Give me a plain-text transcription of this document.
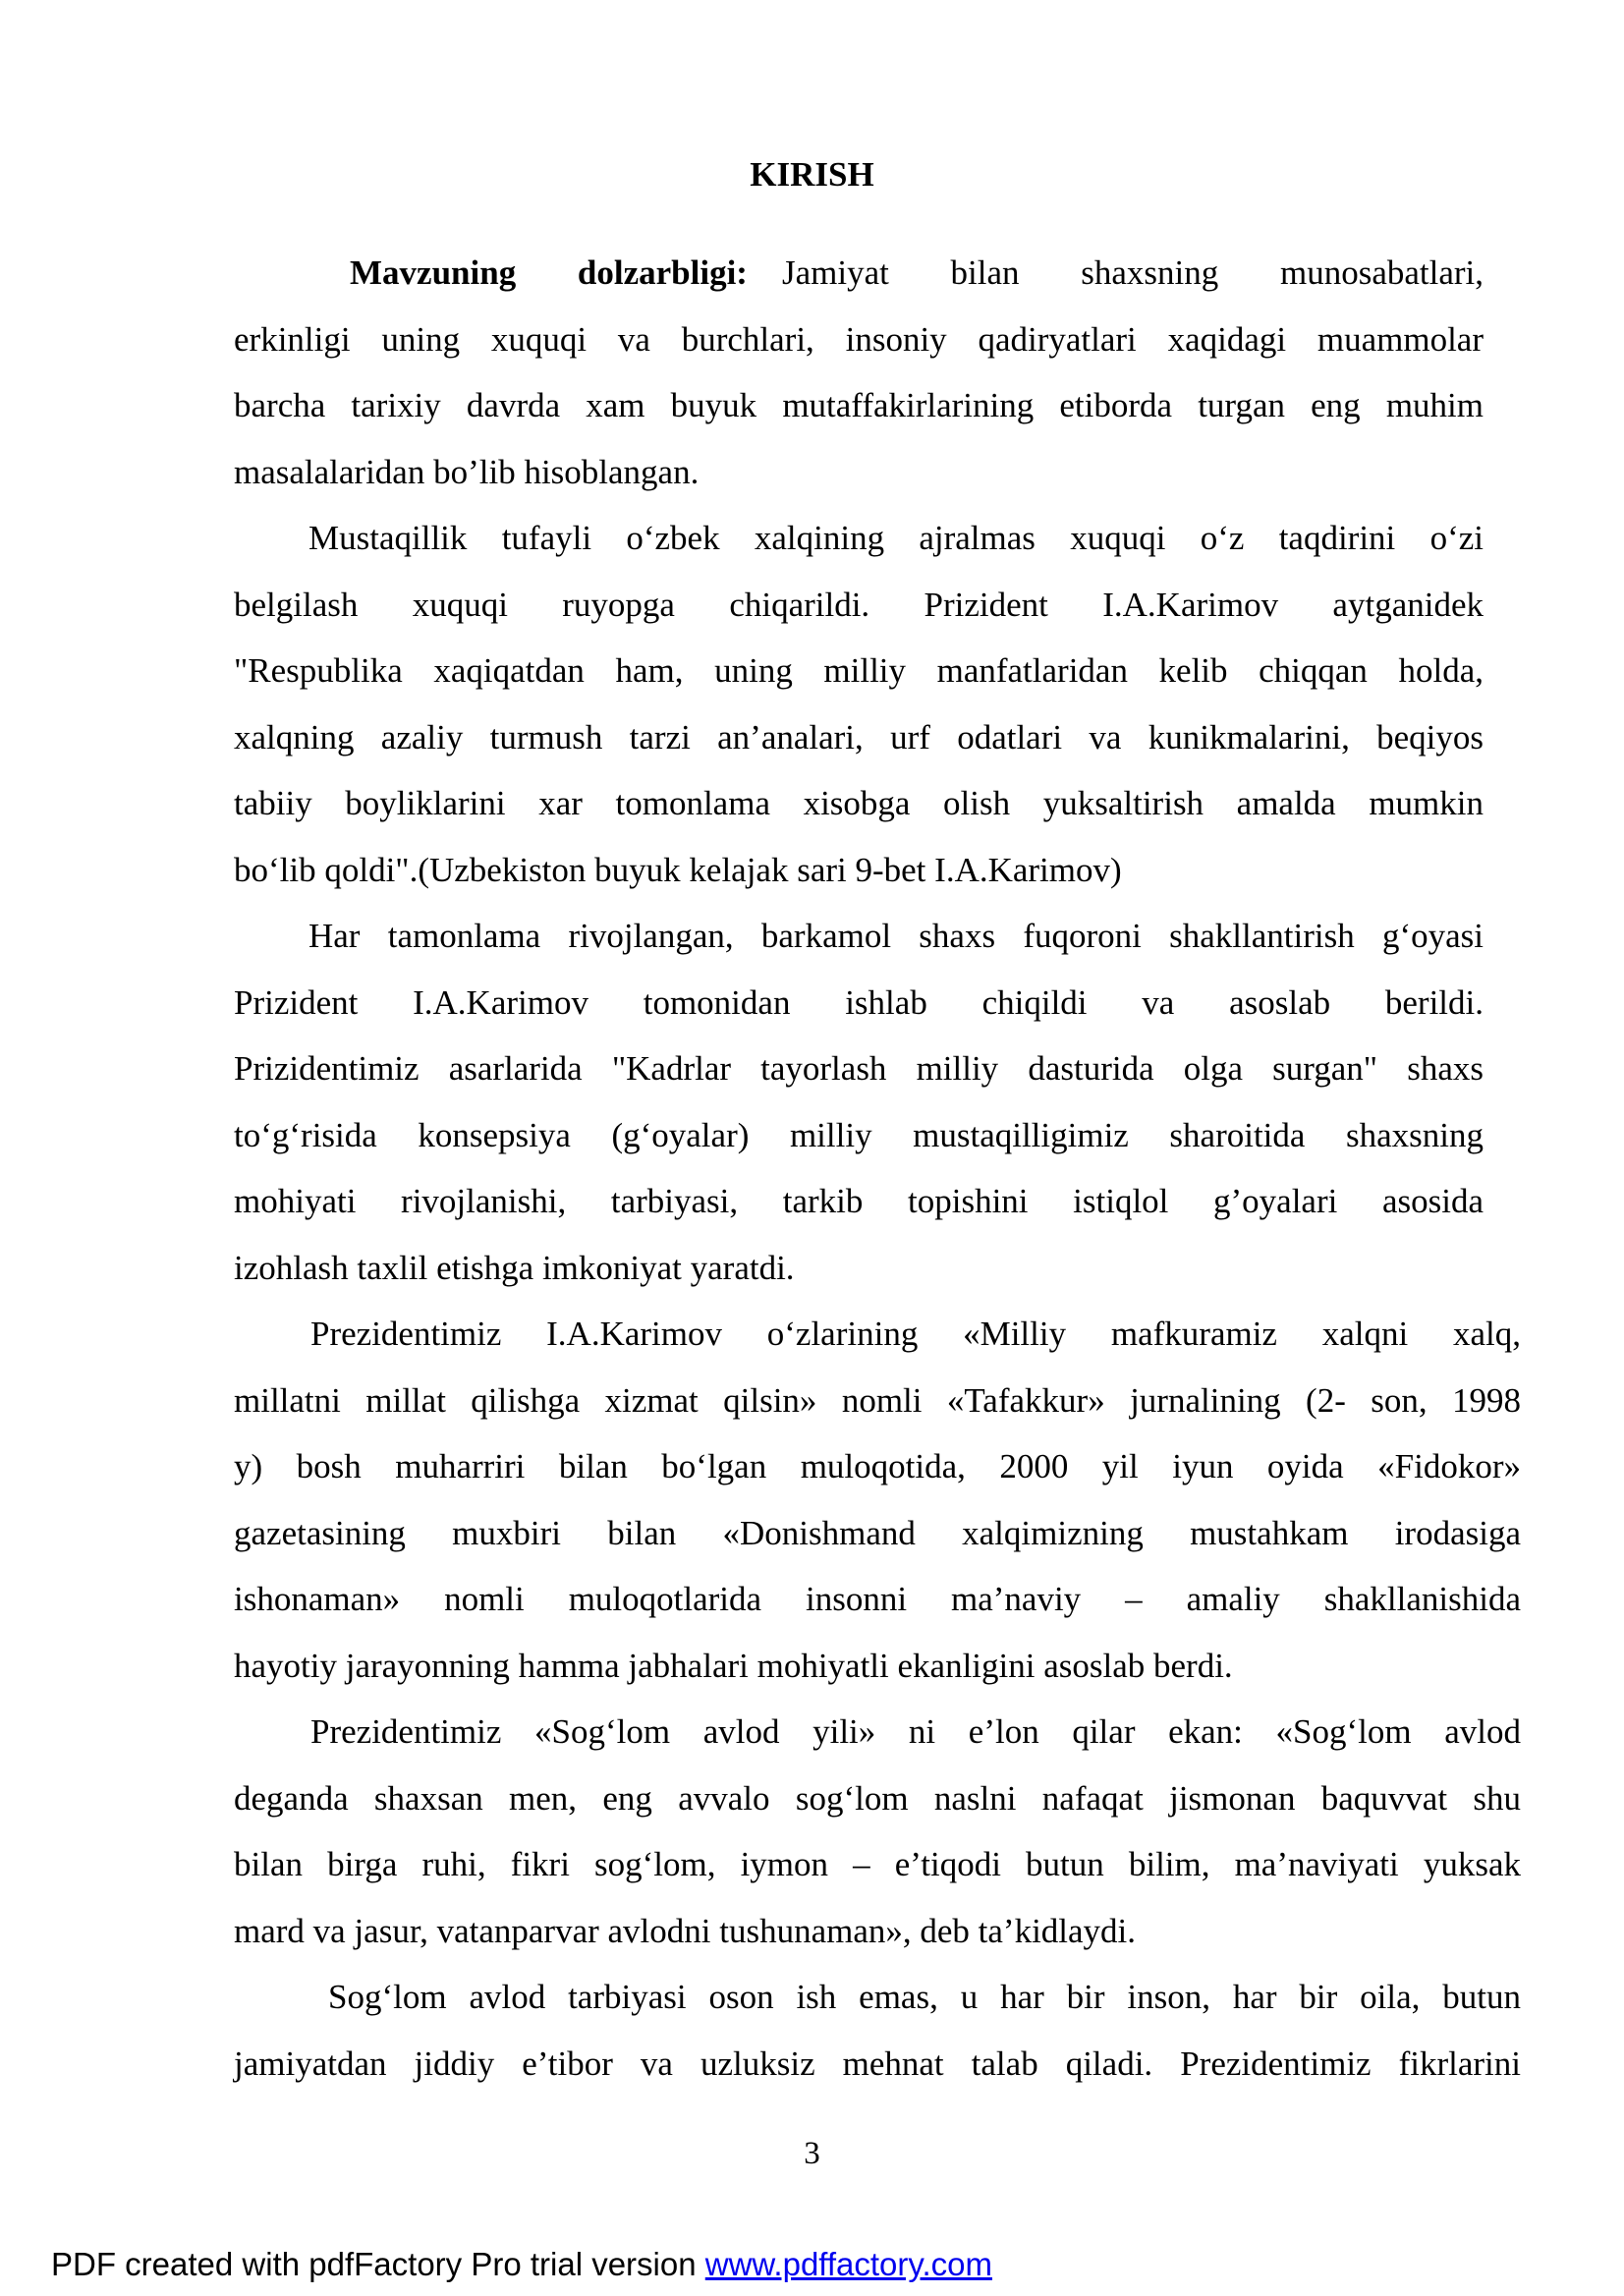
KIRISH
Mavzuning dolzarbligi:  Jamiyat bilan shaxsning munosabatlari,
erkinligi uning xuquqi va burchlari, insoniy qadiryatlari xaqidagi muammolar
barcha tarixiy davrda xam buyuk mutaffakirlarining etiborda turgan eng muhim
masalalaridan bo’lib hisoblangan.
Mustaqillik tufayli o‘zbek xalqining ajralmas xuquqi o‘z taqdirini o‘zi
belgilash xuquqi ruyopga chiqarildi. Prizident I.A.Karimov aytganidek
"Respublika xaqiqatdan ham, uning milliy manfatlaridan kelib chiqqan holda,
xalqning azaliy turmush tarzi an’analari, urf odatlari va kunikmalarini, beqiyos
tabiiy boyliklarini xar tomonlama xisobga olish yuksaltirish amalda mumkin
bo‘lib qoldi".(Uzbekiston buyuk kelajak sari 9-bet I.A.Karimov)
Har tamonlama rivojlangan, barkamol shaxs fuqoroni shakllantirish g‘oyasi
Prizident I.A.Karimov tomonidan ishlab chiqildi va asoslab berildi.
Prizidentimiz asarlarida "Kadrlar tayorlash milliy dasturida olga surgan" shaxs
to‘g‘risida konsepsiya (g‘oyalar) milliy mustaqilligimiz sharoitida shaxsning
mohiyati rivojlanishi, tarbiyasi, tarkib topishini istiqlol g’oyalari asosida
izohlash taxlil etishga imkoniyat yaratdi.
Prezidentimiz I.A.Karimov o‘zlarining «Milliy mafkuramiz xalqni xalq,
millatni millat qilishga xizmat qilsin» nomli «Tafakkur» jurnalining (2- son, 1998
y) bosh muharriri bilan bo‘lgan muloqotida, 2000 yil iyun oyida «Fidokor»
gazetasining muxbiri bilan «Donishmand xalqimizning mustahkam irodasiga
ishonaman» nomli muloqotlarida insonni ma’naviy – amaliy shakllanishida
hayotiy jarayonning hamma jabhalari mohiyatli ekanligini asoslab berdi.
Prezidentimiz «Sog‘lom avlod yili» ni e’lon qilar ekan: «Sog‘lom avlod
deganda shaxsan men, eng avvalo sog‘lom naslni nafaqat jismonan baquvvat shu
bilan birga ruhi, fikri sog‘lom, iymon – e’tiqodi butun bilim, ma’naviyati yuksak
mard va jasur, vatanparvar avlodni tushunaman», deb ta’kidlaydi.
Sog‘lom avlod tarbiyasi oson ish emas, u har bir inson, har bir oila, butun
jamiyatdan jiddiy e’tibor va uzluksiz mehnat talab qiladi. Prezidentimiz fikrlarini
3
PDF created with pdfFactory Pro trial version www.pdffactory.com
